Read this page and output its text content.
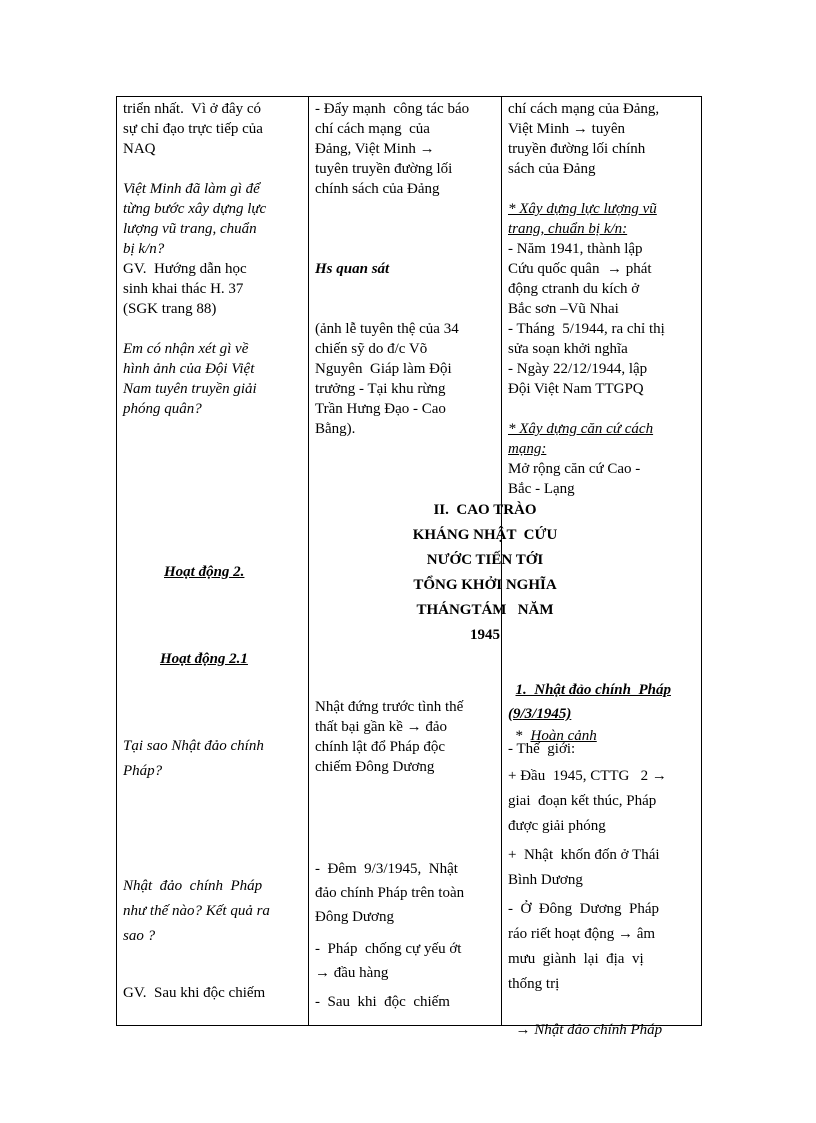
triển nhất.  Vì ở đây có
sự chỉ đạo trực tiếp của
NAQ
Việt Minh đã làm gì để
từng bước xây dựng lực
lượng vũ trang, chuẩn
bị k/n?
GV.  Hướng dẫn học
sinh khai thác H. 37
(SGK trang 88)
Em có nhận xét gì về
hình ảnh của Đội Việt
Nam tuyên truyền giải
phóng quân?
Hoạt động 2.
Hoạt động 2.1
Tại sao Nhật đảo chính
Pháp?
Nhật  đảo  chính  Pháp
như thế nào? Kết quả ra
sao ?
GV.  Sau khi độc chiếm
- Đẩy mạnh  công tác báo
chí cách mạng  của
Đảng, Việt Minh →
tuyên truyền đường lối
chính sách của Đảng
Hs quan sát
(ảnh lễ tuyên thệ của 34
chiến sỹ do đ/c Võ
Nguyên  Giáp làm Đội
trưởng - Tại khu rừng
Trần Hưng Đạo - Cao
Bằng).
Nhật đứng trước tình thế
thất bại gần kề → đảo
chính lật đổ Pháp độc
chiếm Đông Dương
-  Đêm  9/3/1945,  Nhật
đảo chính Pháp trên toàn
Đông Dương
-  Pháp  chống cự yếu ớt
→ đầu hàng
-  Sau  khi  độc  chiếm
chí cách mạng của Đảng,
Việt Minh → tuyên
truyền đường lối chính
sách của Đảng
* Xây dựng lực lượng vũ
trang, chuẩn bị k/n:
- Năm 1941, thành lập
Cứu quốc quân  → phát
động ctranh du kích ở
Bắc sơn –Vũ Nhai
- Tháng  5/1944, ra chỉ thị
sửa soạn khởi nghĩa
- Ngày 22/12/1944, lập
Đội Việt Nam TTGPQ
* Xây dựng căn cứ cách
mạng:
Mở rộng căn cứ Cao -
Bắc - Lạng
II.  CAO TRÀO
KHÁNG NHẬT  CỨU
NƯỚC TIẾN TỚI
TỔNG KHỞI NGHĨA
THÁNGTÁM   NĂM
1945

1.  Nhật đảo chính  Pháp
(9/3/1945)

*  Hoàn cảnh

- Thế  giới:
+ Đầu  1945, CTTG   2 →
giai  đoạn kết thúc, Pháp
được giải phóng
+  Nhật  khốn đốn ở Thái
Bình Dương
-  Ở  Đông  Dương  Pháp
ráo riết hoạt động → âm
mưu  giành  lại  địa  vị
thống trị

→ Nhật đảo chính Pháp
